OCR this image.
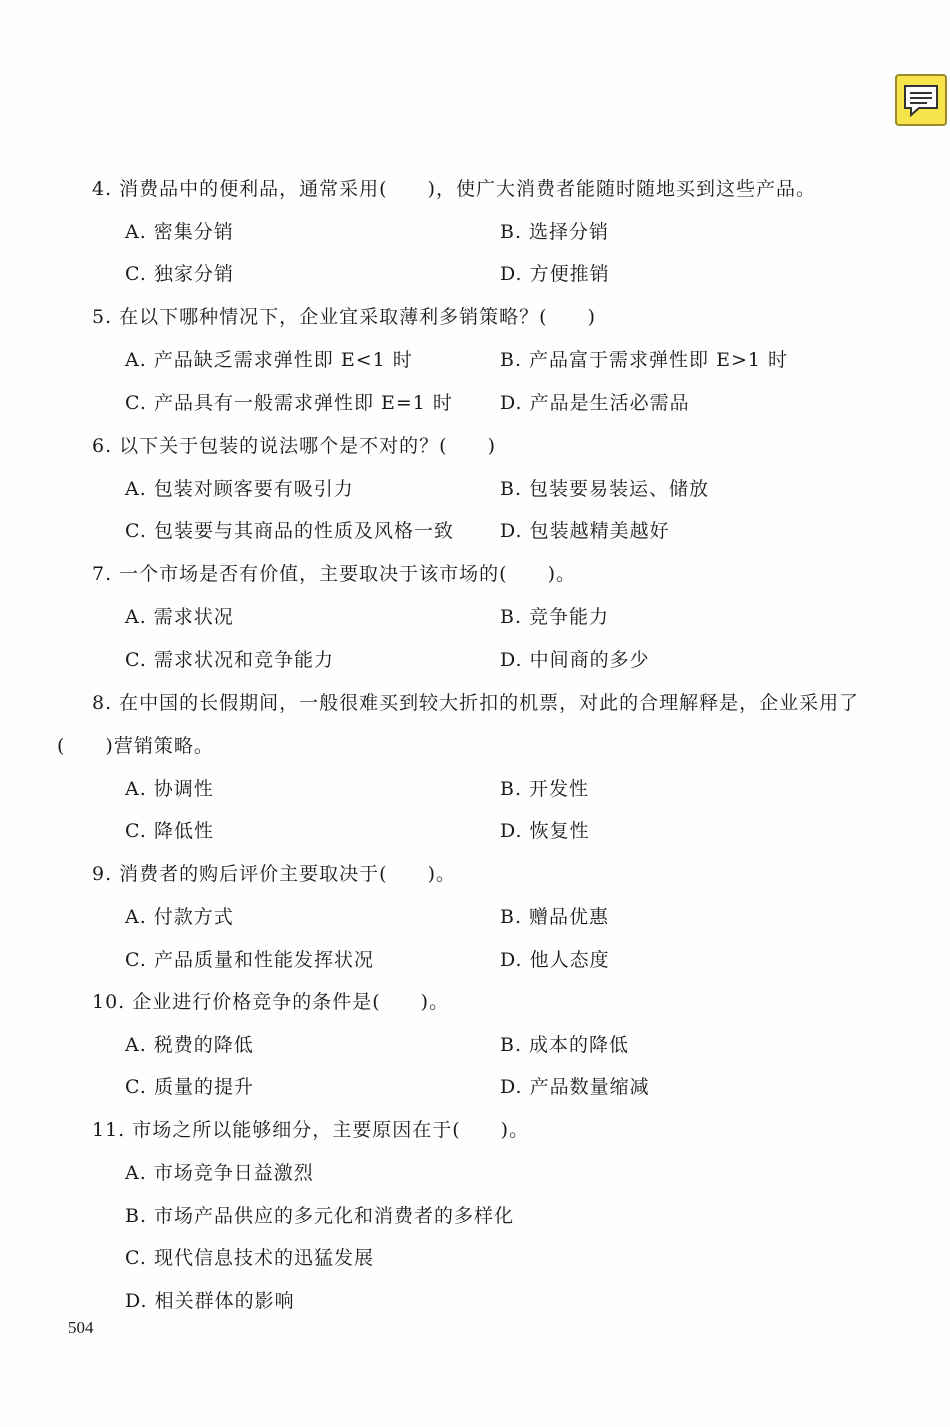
4. 消费品中的便利品，通常采用(　　)，使广大消费者能随时随地买到这些产品。
A. 密集分销	B. 选择分销
C. 独家分销	D. 方便推销
5. 在以下哪种情况下，企业宜采取薄利多销策略？(　　)
A. 产品缺乏需求弹性即 E<1 时	B. 产品富于需求弹性即 E>1 时
C. 产品具有一般需求弹性即 E=1 时 D. 产品是生活必需品
6. 以下关于包装的说法哪个是不对的？(　　)
A. 包装对顾客要有吸引力	B. 包装要易装运、储放
C. 包装要与其商品的性质及风格一致 D. 包装越精美越好
7. 一个市场是否有价值，主要取决于该市场的(　　)。
A. 需求状况	B. 竞争能力
C. 需求状况和竞争能力	D. 中间商的多少
8. 在中国的长假期间，一般很难买到较大折扣的机票，对此的合理解释是，企业采用了
(　　)营销策略。
A. 协调性	B. 开发性
C. 降低性	D. 恢复性
9. 消费者的购后评价主要取决于(　　)。
A. 付款方式	B. 赠品优惠
C. 产品质量和性能发挥状况	D. 他人态度
10. 企业进行价格竞争的条件是(　　)。
A. 税费的降低	B. 成本的降低
C. 质量的提升	D. 产品数量缩减
11. 市场之所以能够细分，主要原因在于(　　)。
A. 市场竞争日益激烈
B. 市场产品供应的多元化和消费者的多样化
C. 现代信息技术的迅猛发展
D. 相关群体的影响
504
